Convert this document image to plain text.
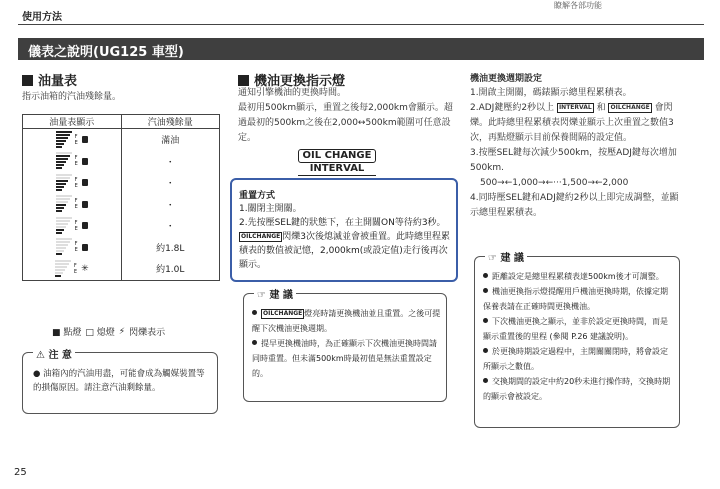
使用方法
瞭解各部功能
儀表之說明(UG125 車型)
油量表
指示油箱的汽油殘餘量。
油量表顯示	汽油殘餘量

F
E	滿油

F
E	・

F
E	・

F
E	・

F
E	・

F
E	約1.8L

F
E ✳	約1.0L
■ 點燈 □ 熄燈 ⚡ 閃爍表示
⚠ 注 意
● 油箱內的汽油用盡，可能會成為觸媒裝置等的損傷原因。請注意汽油剩餘量。
機油更換指示燈
通知引擎機油的更換時間。
最初用500km顯示，重置之後每2,000km會顯示。超過最初的500km之後在2,000↔500km範圍可任意設定。
OIL CHANGE
INTERVAL
重置方式
1.關閉主開關。
2.先按壓SEL鍵的狀態下，在主開關ON等待約3秒。
OILCHANGE 閃爍3次後熄滅並會被重置。此時總里程累積表的數值被記憶，2,000km(或設定值)走行後再次顯示。
☞ 建 議
OILCHANGE 燈亮時請更換機油並且重置。之後可提醒下次機油更換週期。
提早更換機油時，為正確顯示下次機油更換時間請同時重置。但未滿500km時最初值是無法重置設定的。
機油更換週期設定
1.開啟主開關，碼錶顯示總里程累積表。
2.ADJ鍵壓約2秒以上 INTERVAL 和 OILCHANGE 會閃爍。此時總里程累積表閃爍並顯示上次重置之數值3次，再點燈顯示目前保養間隔的設定值。
3.按壓SEL鍵每次減少500km，按壓ADJ鍵每次增加500km.
500→←1,000→←···1,500→←2,000
4.同時壓SEL鍵和ADJ鍵約2秒以上即完成調整，並顯示總里程累積表。
☞ 建 議
距離設定是總里程累積表達500km後才可調整。
機油更換指示燈提醒用戶機油更換時期，依據定期保養表請在正確時間更換機油。
下次機油更換之顯示，並非於設定更換時間，而是顯示重置後的里程 (參閱 P.26 建議說明)。
於更換時期設定過程中，主開關關閉時，將會設定所顯示之數值。
交換期間的設定中約20秒未進行操作時，交換時期的顯示會被設定。
25
